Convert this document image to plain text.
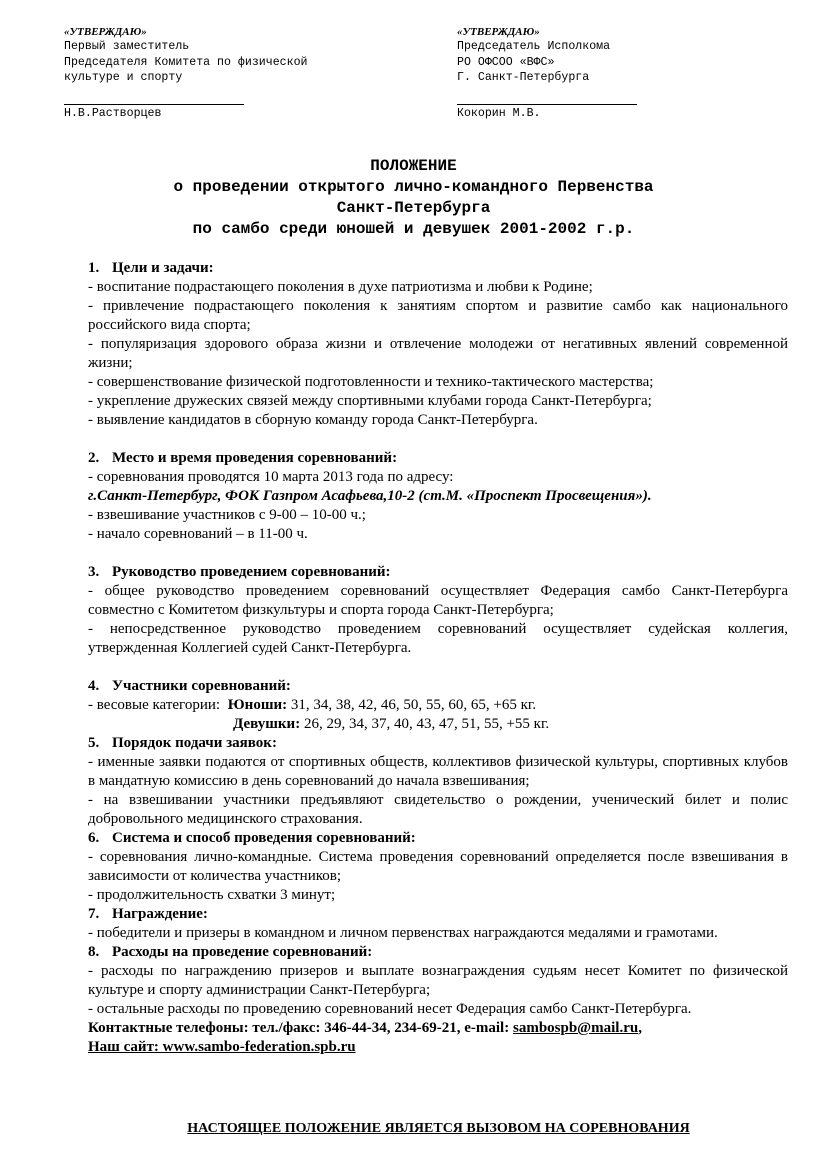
«УТВЕРЖДАЮ»
Первый заместитель
Председателя Комитета по физической
культуре и спорту
Н.В.Растворцев
«УТВЕРЖДАЮ»
Председатель Исполкома
РО ОФСОО «ВФС»
Г. Санкт-Петербурга
Кокорин М.В.
ПОЛОЖЕНИЕ
о проведении открытого лично-командного Первенства
Санкт-Петербурга
по самбо среди юношей и девушек 2001-2002 г.р.

1. Цели и задачи:

- воспитание подрастающего поколения в духе патриотизма и любви к Родине;

- привлечение подрастающего поколения к занятиям спортом и развитие самбо как национального российского вида спорта;

- популяризация здорового образа жизни и отвлечение молодежи от негативных явлений современной жизни;

- совершенствование физической подготовленности и технико-тактического мастерства;

- укрепление дружеских связей между спортивными клубами города Санкт-Петербурга;

- выявление кандидатов в сборную команду города Санкт-Петербурга.

2. Место и время проведения соревнований:

- соревнования проводятся 10 марта 2013 года по адресу:

г.Санкт-Петербург, ФОК Газпром Асафьева,10-2 (ст.М. «Проспект Просвещения»).

- взвешивание участников с 9-00 – 10-00 ч.;

- начало соревнований – в 11-00 ч.

3. Руководство проведением соревнований:

- общее руководство проведением соревнований осуществляет Федерация самбо Санкт-Петербурга совместно с Комитетом физкультуры и спорта города Санкт-Петербурга;

- непосредственное руководство проведением соревнований осуществляет судейская коллегия, утвержденная Коллегией судей Санкт-Петербурга.

4. Участники соревнований:

- весовые категории: Юноши: 31, 34, 38, 42, 46, 50, 55, 60, 65, +65 кг.

Девушки: 26, 29, 34, 37, 40, 43, 47, 51, 55, +55 кг.

5. Порядок подачи заявок:

- именные заявки подаются от спортивных обществ, коллективов физической культуры, спортивных клубов в мандатную комиссию в день соревнований до начала взвешивания;

- на взвешивании участники предъявляют свидетельство о рождении, ученический билет и полис добровольного медицинского страхования.

6. Система и способ проведения соревнований:

- соревнования лично-командные. Система проведения соревнований определяется после взвешивания в зависимости от количества участников;

- продолжительность схватки 3 минут;

7. Награждение:

- победители и призеры в командном и личном первенствах награждаются медалями и грамотами.

8. Расходы на проведение соревнований:

- расходы по награждению призеров и выплате вознаграждения судьям несет Комитет по физической культуре и спорту администрации Санкт-Петербурга;

- остальные расходы по проведению соревнований несет Федерация самбо Санкт-Петербурга.

Контактные телефоны: тел./факс: 346-44-34, 234-69-21, e-mail: sambospb@mail.ru,

Наш сайт: www.sambo-federation.spb.ru

НАСТОЯЩЕЕ ПОЛОЖЕНИЕ ЯВЛЯЕТСЯ ВЫЗОВОМ НА СОРЕВНОВАНИЯ
